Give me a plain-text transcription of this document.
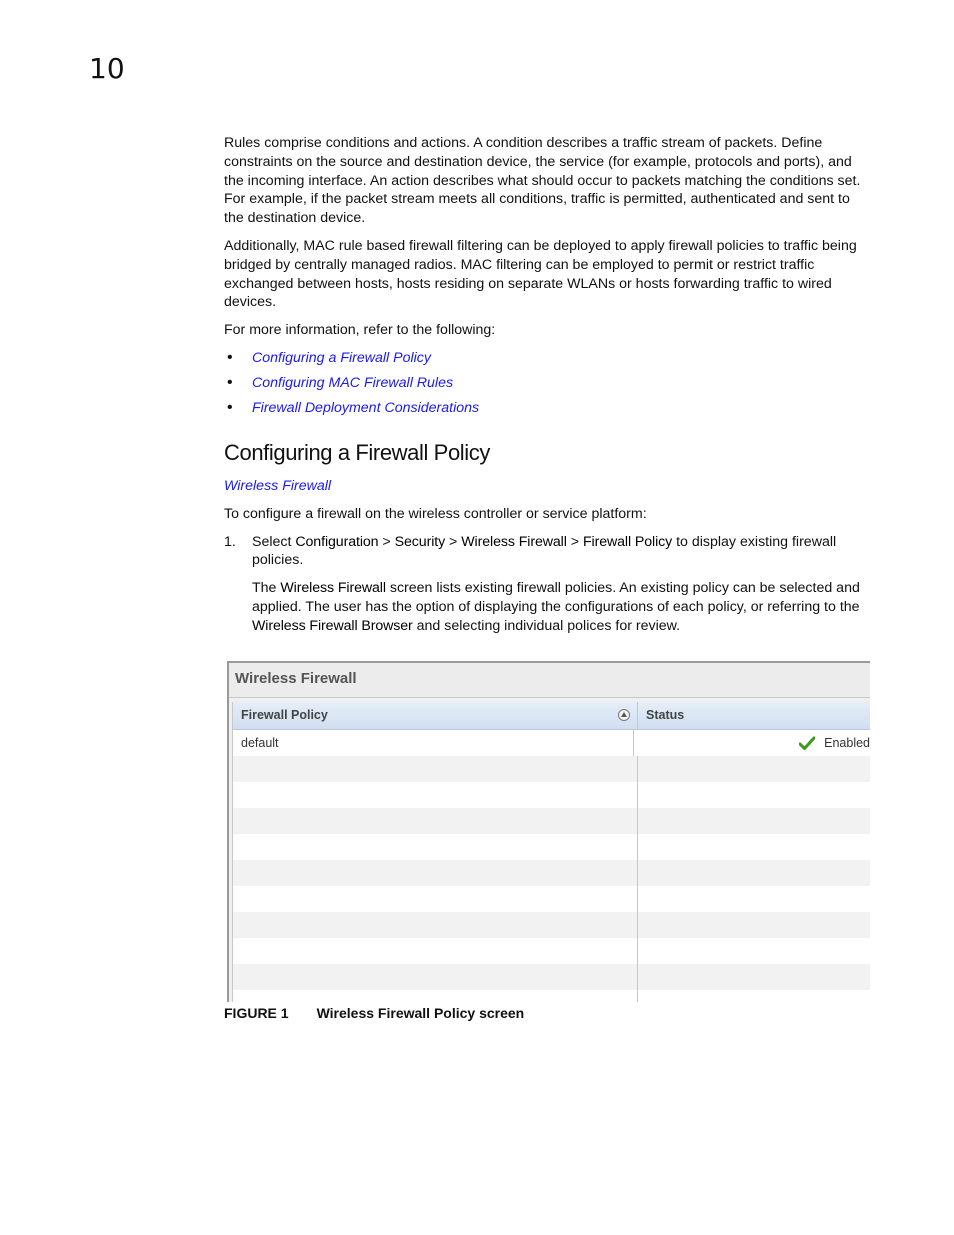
10

Rules comprise conditions and actions. A condition describes a traffic stream of packets. Define constraints on the source and destination device, the service (for example, protocols and ports), and the incoming interface. An action describes what should occur to packets matching the conditions set. For example, if the packet stream meets all conditions, traffic is permitted, authenticated and sent to the destination device.

Additionally, MAC rule based firewall filtering can be deployed to apply firewall policies to traffic being bridged by centrally managed radios. MAC filtering can be employed to permit or restrict traffic exchanged between hosts, hosts residing on separate WLANs or hosts forwarding traffic to wired devices.

For more information, refer to the following:

• Configuring a Firewall Policy
• Configuring MAC Firewall Rules
• Firewall Deployment Considerations
Configuring a Firewall Policy

Wireless Firewall

To configure a firewall on the wireless controller or service platform:

1. Select Configuration > Security > Wireless Firewall > Firewall Policy to display existing firewall policies.
The Wireless Firewall screen lists existing firewall policies. An existing policy can be selected and applied. The user has the option of displaying the configurations of each policy, or referring to the Wireless Firewall Browser and selecting individual polices for review.
Wireless Firewall
Firewall Policy	Status
default	Enabled
FIGURE 1 Wireless Firewall Policy screen
